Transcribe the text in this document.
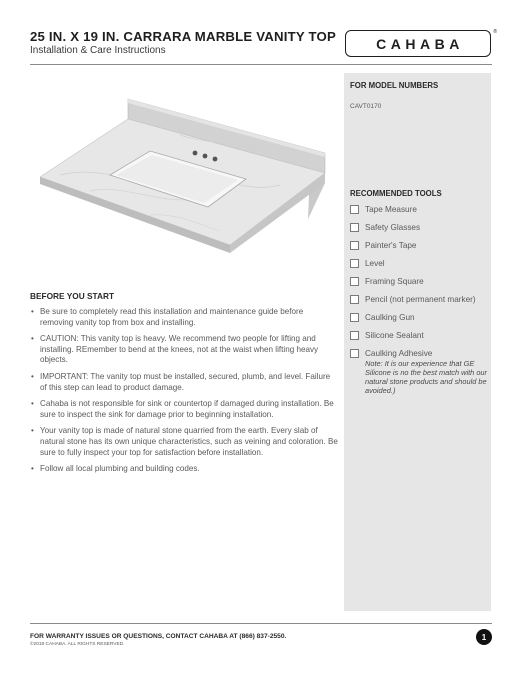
25 IN. X 19 IN. CARRARA MARBLE VANITY TOP
Installation & Care Instructions	CAHABA
®
BEFORE YOU START
• Be sure to completely read this installation and maintenance guide before removing vanity top from box and installing.
• CAUTION: This vanity top is heavy. We recommend two people for lifting and installing. REmember to bend at the knees, not at the waist when lifting heavy objects.
• IMPORTANT: The vanity top must be installed, secured, plumb, and level. Failure of this step can lead to product damage.
• Cahaba is not responsible for sink or countertop if damaged during installation. Be sure to inspect the sink for damage prior to beginning installation.
• Your vanity top is made of natural stone quarried from the earth. Every slab of natural stone has its own unique characteristics, such as veining and coloration. Be sure to fully inspect your top for satisfaction before installation.
• Follow all local plumbing and building codes.
FOR MODEL NUMBERS
CAVT0170
RECOMMENDED TOOLS
Tape Measure
Safety Glasses
Painter's Tape
Level
Framing Square
Pencil (not permanent marker)
Caulking Gun
Silicone Sealant
Caulking Adhesive
Note: It is our experience that GE Silicone is no the best match with our natural stone products and should be avoided.)
FOR WARRANTY ISSUES OR QUESTIONS, CONTACT CAHABA AT (866) 837-2550.
©2018 CAHABA. ALL RIGHTS RESERVED.
1
